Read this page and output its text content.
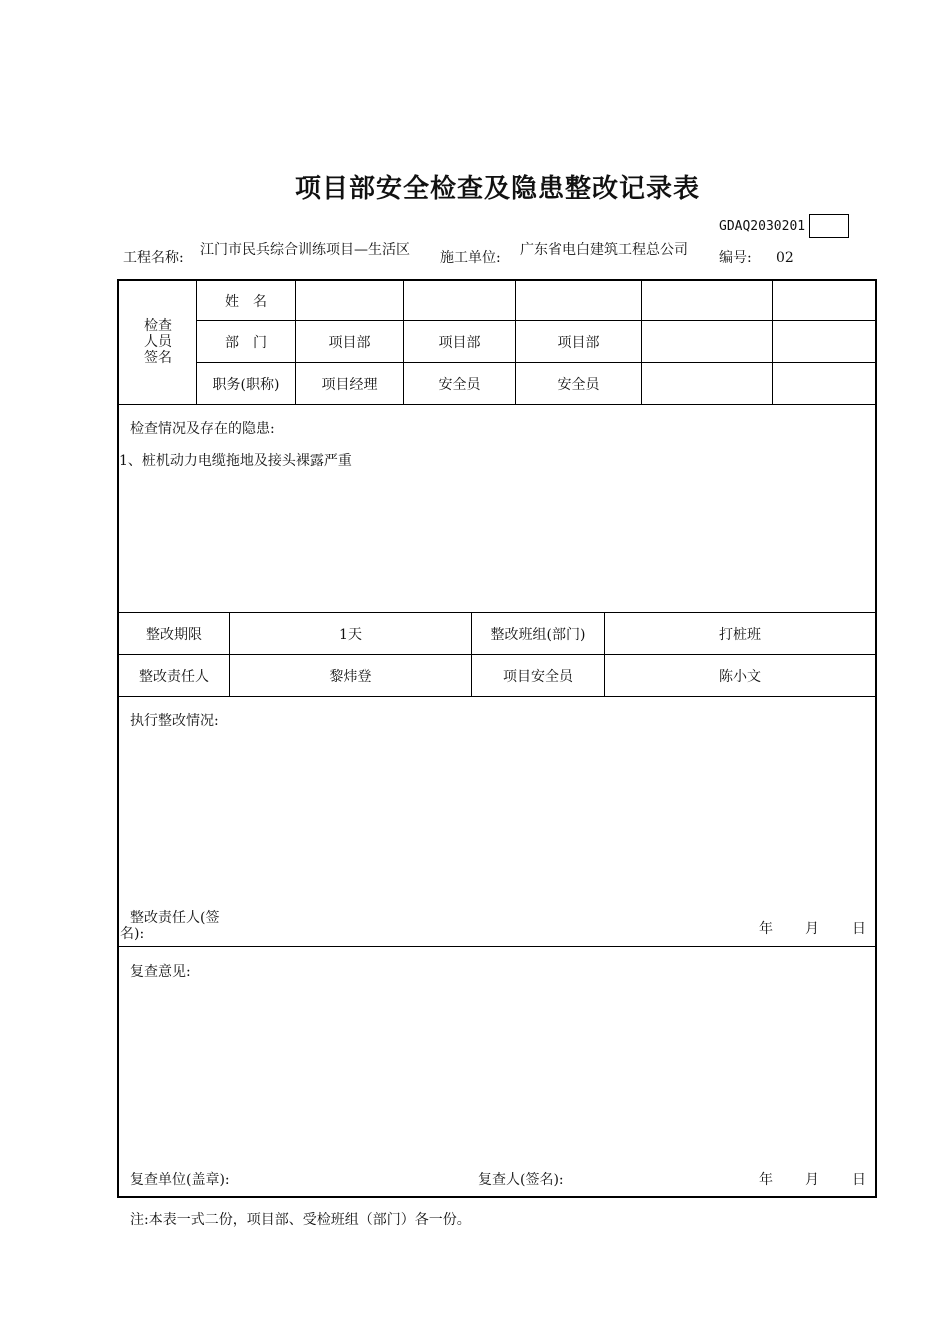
项目部安全检查及隐患整改记录表
GDAQ2030201
工程名称: 江门市民兵综合训练项目—生活区	施工单位: 广东省电白建筑工程总公司	编号: 02
检查人员签名
姓　名
部　门	项目部	项目部	项目部
职务(职称)	项目经理	安全员	安全员
检查情况及存在的隐患:
1、桩机动力电缆拖地及接头裸露严重
整改期限	1天	整改班组(部门)	打桩班
整改责任人	黎炜登	项目安全员	陈小文
执行整改情况:
整改责任人(签名):	年 月 日
复查意见:
复查单位(盖章):	复查人(签名):	年 月 日
注:本表一式二份，项目部、受检班组（部门）各一份。
